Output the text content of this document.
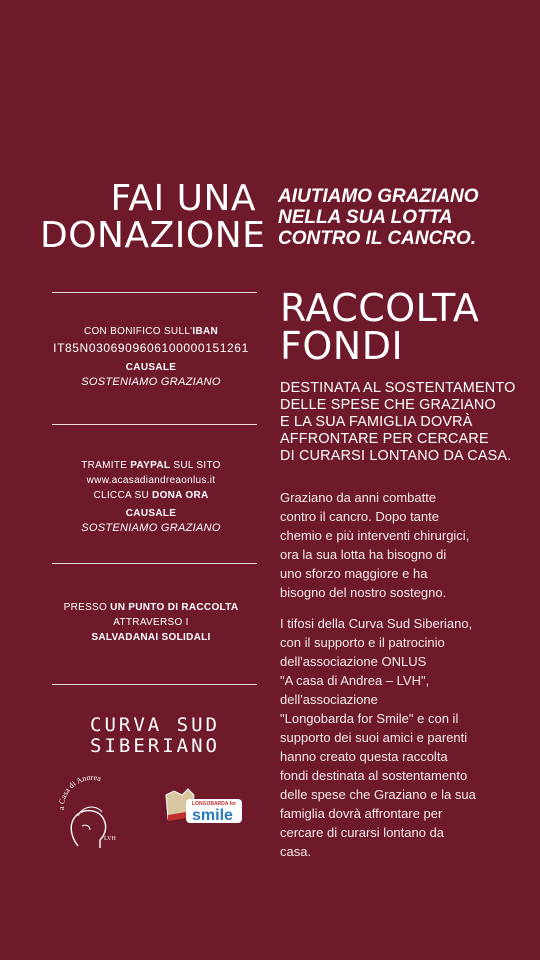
FAI UNA
DONAZIONE
AIUTIAMO GRAZIANO
NELLA SUA LOTTA
CONTRO IL CANCRO.
CON BONIFICO SULL'IBAN
IT85N0306909606100000151261
CAUSALE
SOSTENIAMO GRAZIANO
TRAMITE PAYPAL SUL SITO
www.acasadiandreaonlus.it
CLICCA SU DONA ORA
CAUSALE
SOSTENIAMO GRAZIANO
PRESSO UN PUNTO DI RACCOLTA
ATTRAVERSO I
SALVADANAI SOLIDALI
CURVA SUD
SIBERIANO
a Casa di Andrea
LVH
LONGOBARDA for
smile
RACCOLTA
FONDI
DESTINATA AL SOSTENTAMENTO
DELLE SPESE CHE GRAZIANO
E LA SUA FAMIGLIA DOVRÀ
AFFRONTARE PER CERCARE
DI CURARSI LONTANO DA CASA.
Graziano da anni combatte
contro il cancro. Dopo tante
chemio e più interventi chirurgici,
ora la sua lotta ha bisogno di
uno sforzo maggiore e ha
bisogno del nostro sostegno.
I tifosi della Curva Sud Siberiano,
con il supporto e il patrocinio
dell'associazione ONLUS
"A casa di Andrea – LVH",
dell'associazione
"Longobarda for Smile" e con il
supporto dei suoi amici e parenti
hanno creato questa raccolta
fondi destinata al sostentamento
delle spese che Graziano e la sua
famiglia dovrà affrontare per
cercare di curarsi lontano da
casa.
